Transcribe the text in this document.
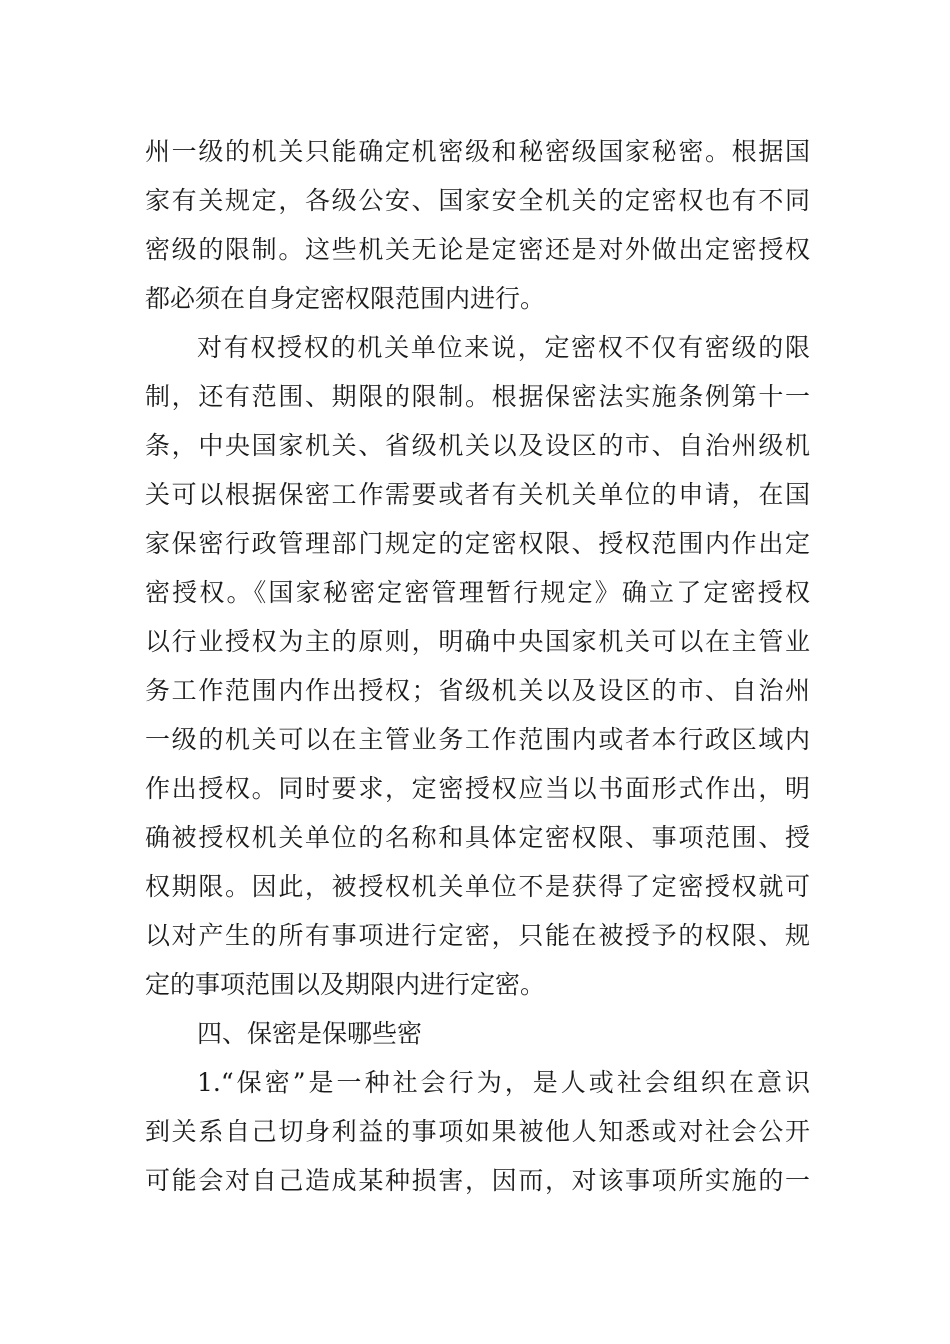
州一级的机关只能确定机密级和秘密级国家秘密。根据国
家有关规定，各级公安、国家安全机关的定密权也有不同
密级的限制。这些机关无论是定密还是对外做出定密授权
都必须在自身定密权限范围内进行。
对有权授权的机关单位来说，定密权不仅有密级的限
制，还有范围、期限的限制。根据保密法实施条例第十一
条，中央国家机关、省级机关以及设区的市、自治州级机
关可以根据保密工作需要或者有关机关单位的申请，在国
家保密行政管理部门规定的定密权限、授权范围内作出定
密授权。《国家秘密定密管理暂行规定》确立了定密授权
以行业授权为主的原则，明确中央国家机关可以在主管业
务工作范围内作出授权；省级机关以及设区的市、自治州
一级的机关可以在主管业务工作范围内或者本行政区域内
作出授权。同时要求，定密授权应当以书面形式作出，明
确被授权机关单位的名称和具体定密权限、事项范围、授
权期限。因此，被授权机关单位不是获得了定密授权就可
以对产生的所有事项进行定密，只能在被授予的权限、规
定的事项范围以及期限内进行定密。
四、保密是保哪些密
1.“保密”是一种社会行为，是人或社会组织在意识
到关系自己切身利益的事项如果被他人知悉或对社会公开
可能会对自己造成某种损害，因而，对该事项所实施的一
